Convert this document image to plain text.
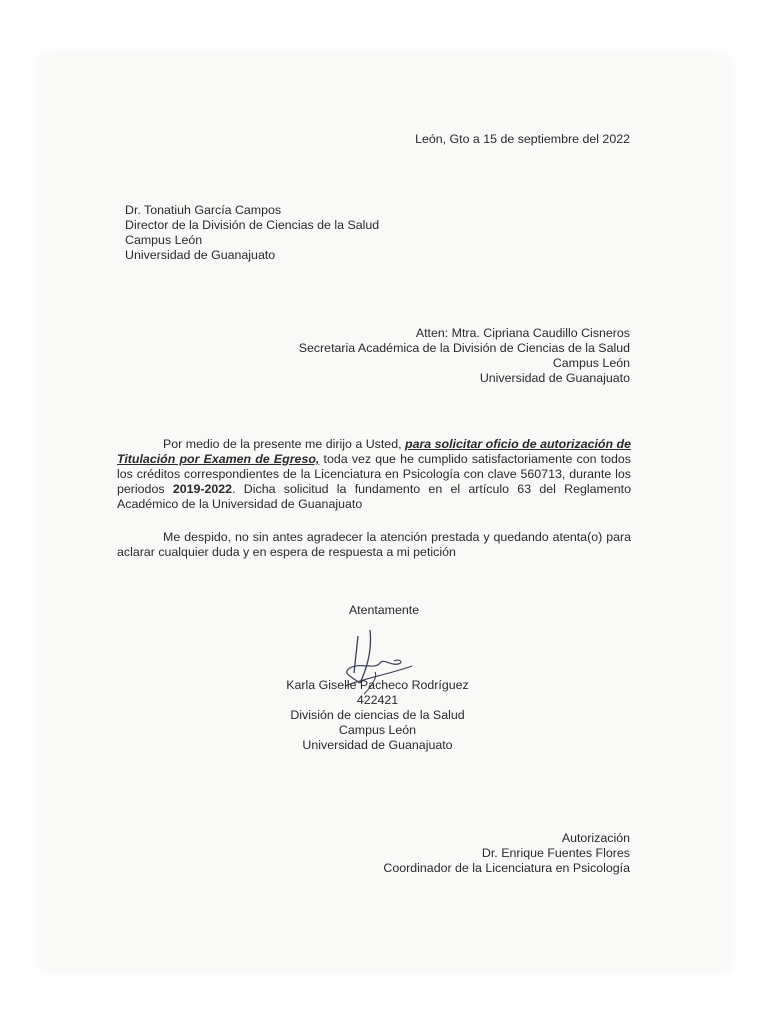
León, Gto a 15 de septiembre del 2022
Dr. Tonatiuh García Campos
Director de la División de Ciencias de la Salud
Campus León
Universidad de Guanajuato
Atten: Mtra. Cipriana Caudillo Cisneros
Secretaria Académica de la División de Ciencias de la Salud
Campus León
Universidad de Guanajuato
Por medio de la presente me dirijo a Usted, para solicitar oficio de autorización de Titulación por Examen de Egreso, toda vez que he cumplido satisfactoriamente con todos los créditos correspondientes de la Licenciatura en Psicología con clave 560713, durante los periodos 2019-2022. Dicha solicitud la fundamento en el artículo 63 del Reglamento Académico de la Universidad de Guanajuato
Me despido, no sin antes agradecer la atención prestada y quedando atenta(o) para aclarar cualquier duda y en espera de respuesta a mi petición
Atentamente
Karla Giselle Pacheco Rodríguez
422421
División de ciencias de la Salud
Campus León
Universidad de Guanajuato
Autorización
Dr. Enrique Fuentes Flores
Coordinador de la Licenciatura en Psicología
